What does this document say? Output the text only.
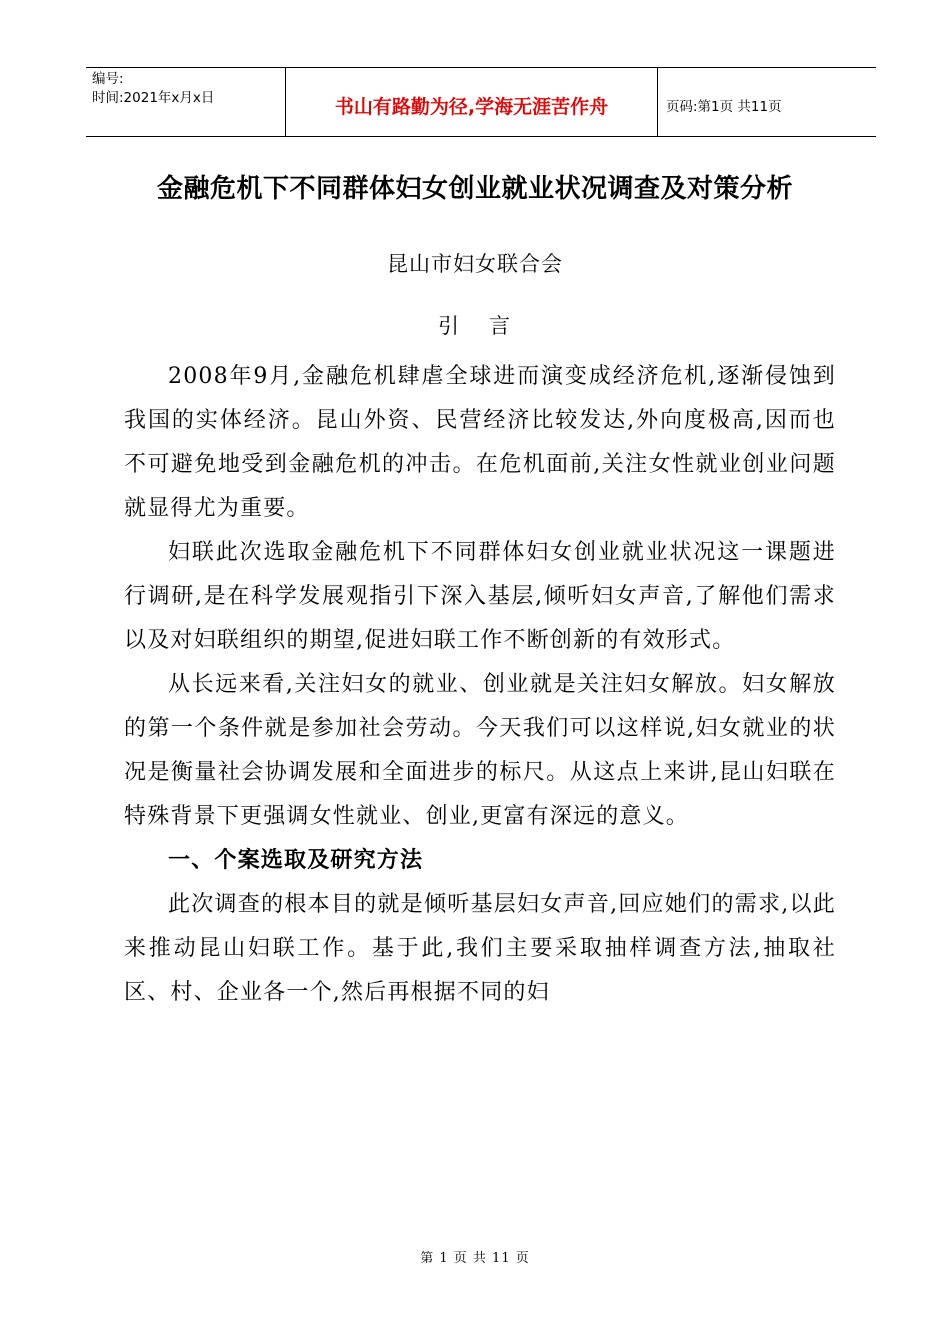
编号:
时间:2021年x月x日	书山有路勤为径,学海无涯苦作舟	页码:第1页 共11页
金融危机下不同群体妇女创业就业状况调查及对策分析
昆山市妇女联合会
引 言

2008年9月,金融危机肆虐全球进而演变成经济危机,逐渐侵蚀到我国的实体经济。昆山外资、民营经济比较发达,外向度极高,因而也不可避免地受到金融危机的冲击。在危机面前,关注女性就业创业问题就显得尤为重要。

妇联此次选取金融危机下不同群体妇女创业就业状况这一课题进行调研,是在科学发展观指引下深入基层,倾听妇女声音,了解他们需求以及对妇联组织的期望,促进妇联工作不断创新的有效形式。

从长远来看,关注妇女的就业、创业就是关注妇女解放。妇女解放的第一个条件就是参加社会劳动。今天我们可以这样说,妇女就业的状况是衡量社会协调发展和全面进步的标尺。从这点上来讲,昆山妇联在特殊背景下更强调女性就业、创业,更富有深远的意义。

一、个案选取及研究方法

此次调查的根本目的就是倾听基层妇女声音,回应她们的需求,以此来推动昆山妇联工作。基于此,我们主要采取抽样调查方法,抽取社区、村、企业各一个,然后再根据不同的妇

第 1 页 共 11 页
